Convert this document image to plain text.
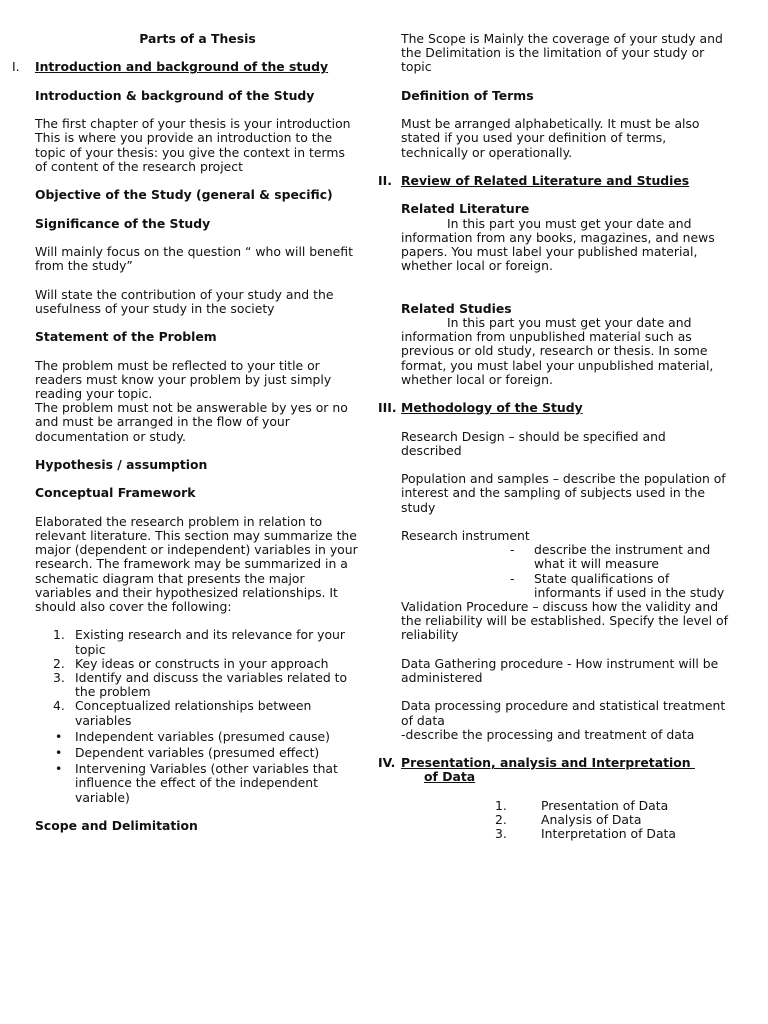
Parts of a Thesis

I. Introduction and background of the study

Introduction & background of the Study

The first chapter of your thesis is your introduction
This is where you provide an introduction to the topic of your thesis: you give the context in terms of content of the research project

Objective of the Study (general & specific)

Significance of the Study

Will mainly focus on the question “ who will benefit from the study”

Will state the contribution of your study and the usefulness of your study in the society

Statement of the Problem

The problem must be reflected to your title or readers must know your problem by just simply reading your topic.
The problem must not be answerable by yes or no and must be arranged in the flow of your documentation or study.

Hypothesis / assumption

Conceptual Framework

Elaborated the research problem in relation to relevant literature. This section may summarize the major (dependent or independent) variables in your research. The framework may be summarized in a schematic diagram that presents the major variables and their hypothesized relationships. It should also cover the following:

1. Existing research and its relevance for your topic
2. Key ideas or constructs in your approach
3. Identify and discuss the variables related to the problem
4. Conceptualized relationships between variables
•	Independent variables (presumed cause)
•	Dependent variables (presumed effect)
•	Intervening Variables (other variables that influence the effect of the independent variable)

Scope and Delimitation

The Scope is Mainly the coverage of your study and the Delimitation is the limitation of your study or topic

Definition of Terms

Must be arranged alphabetically. It must be also stated if you used your definition of terms, technically or operationally.

II. Review of Related Literature and Studies

Related Literature
In this part you must get your date and information from any books, magazines, and news papers. You must label your published material, whether local or foreign.
Related Studies
In this part you must get your date and information from unpublished material such as previous or old study, research or thesis. In some format, you must label your unpublished material, whether local or foreign.

III. Methodology of the Study

Research Design – should be specified and described

Population and samples – describe the population of interest and the sampling of subjects used in the study

Research instrument
-	describe the instrument and what it will measure
-	State qualifications of informants if used in the study

Validation Procedure – discuss how the validity and the reliability will be established. Specify the level of reliability

Data Gathering procedure - How instrument will be administered

Data processing procedure and statistical treatment of data
-describe the processing and treatment of data
IV. Presentation, analysis and Interpretation
of Data
1.	Presentation of Data
2.	Analysis of Data
3.	Interpretation of Data
